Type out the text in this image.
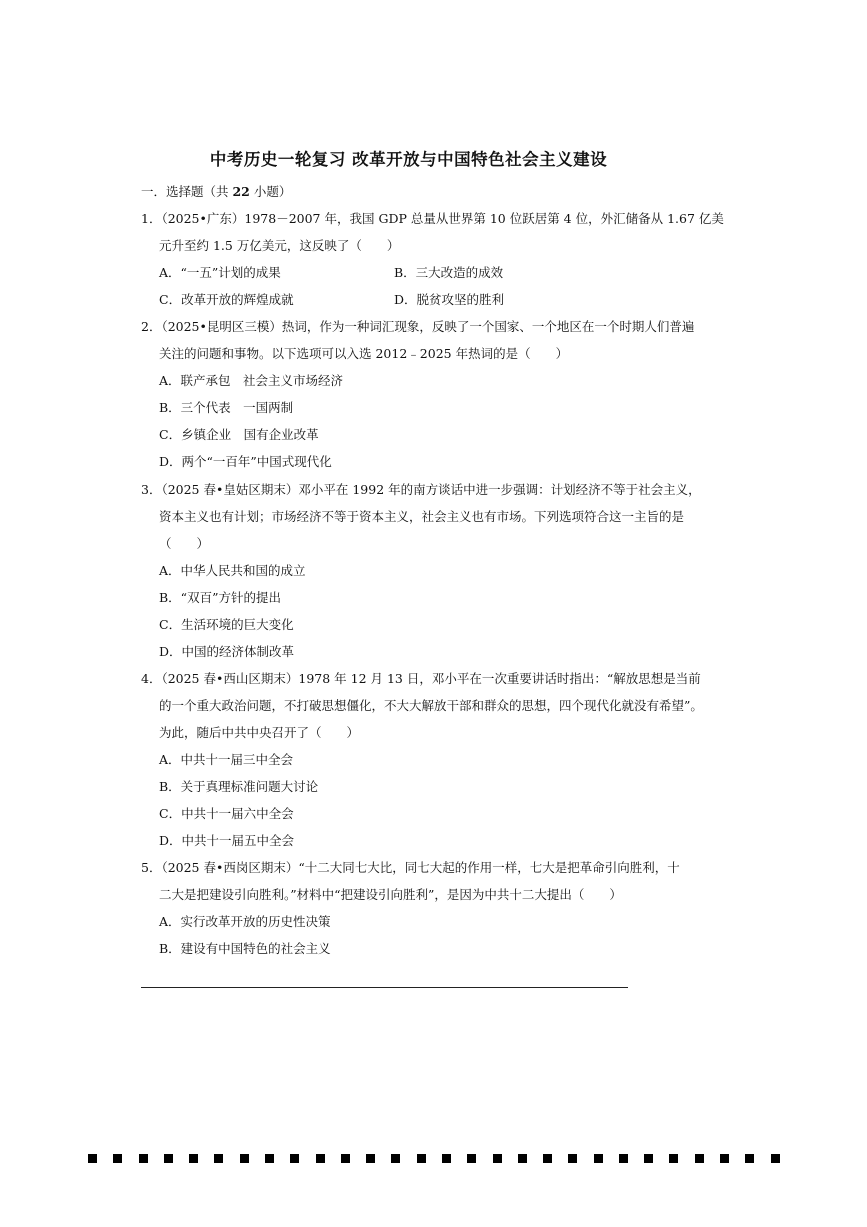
中考历史一轮复习 改革开放与中国特色社会主义建设
一．选择题（共 22 小题）
1．（2025•广东）1978－2007 年，我国 GDP 总量从世界第 10 位跃居第 4 位，外汇储备从 1.67 亿美
元升至约 1.5 万亿美元，这反映了（　　）
A．“一五”计划的成果	B．三大改造的成效
C．改革开放的辉煌成就	D．脱贫攻坚的胜利
2．（2025•昆明区三模）热词，作为一种词汇现象，反映了一个国家、一个地区在一个时期人们普遍
关注的问题和事物。以下选项可以入选 2012﹣2025 年热词的是（　　）
A．联产承包　社会主义市场经济
B．三个代表　一国两制
C．乡镇企业　国有企业改革
D．两个“一百年”中国式现代化
3．（2025 春•皇姑区期末）邓小平在 1992 年的南方谈话中进一步强调：计划经济不等于社会主义，
资本主义也有计划；市场经济不等于资本主义，社会主义也有市场。下列选项符合这一主旨的是
（　　）
A．中华人民共和国的成立
B．“双百”方针的提出
C．生活环境的巨大变化
D．中国的经济体制改革
4．（2025 春•西山区期末）1978 年 12 月 13 日，邓小平在一次重要讲话时指出：“解放思想是当前
的一个重大政治问题，不打破思想僵化，不大大解放干部和群众的思想，四个现代化就没有希望”。
为此，随后中共中央召开了（　　）
A．中共十一届三中全会
B．关于真理标准问题大讨论
C．中共十一届六中全会
D．中共十一届五中全会
5．（2025 春•西岗区期末）“十二大同七大比，同七大起的作用一样，七大是把革命引向胜利，十
二大是把建设引向胜利。”材料中“把建设引向胜利”，是因为中共十二大提出（　　）
A．实行改革开放的历史性决策
B．建设有中国特色的社会主义
